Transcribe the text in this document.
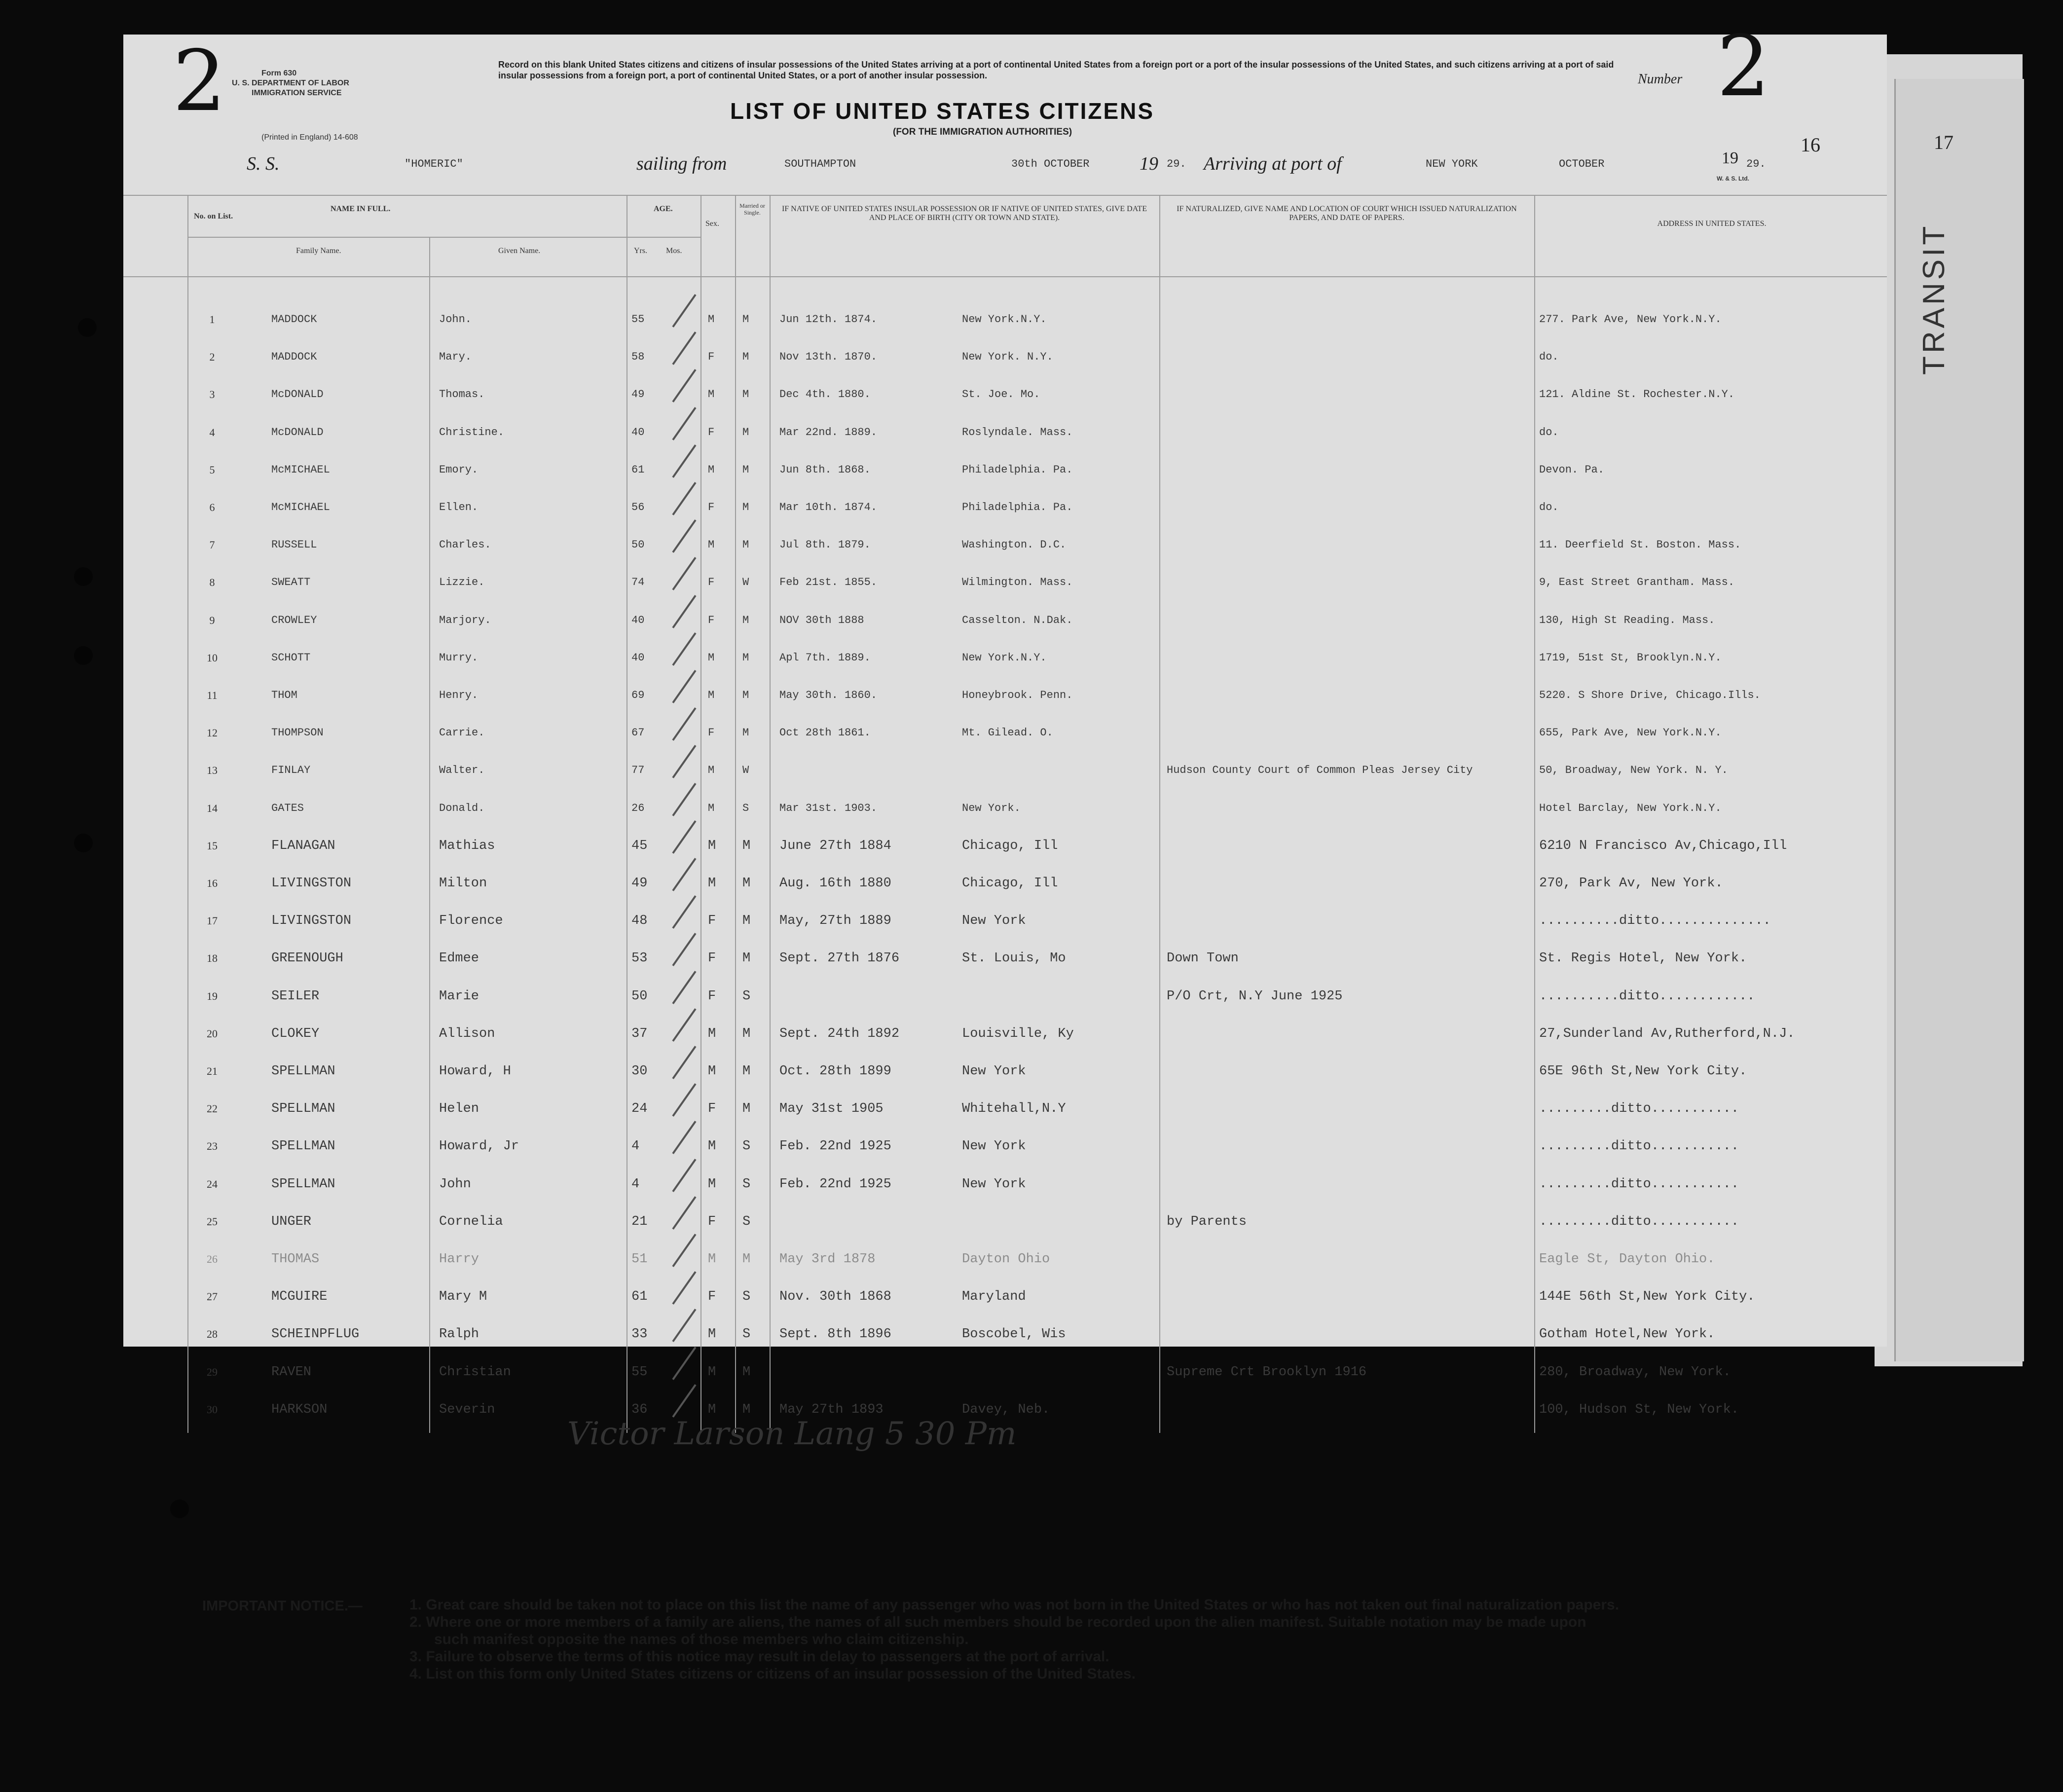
17
TRANSIT
2	Form 630
U. S. DEPARTMENT OF LABOR
IMMIGRATION SERVICE
(Printed in England) 14-608
Record on this blank United States citizens and citizens of insular possessions of the United States arriving at a port of continental United States from a foreign port or a port of the insular possessions of the United States, and such citizens arriving at a port of said insular possessions from a foreign port, a port of continental United States, or a port of another insular possession.
LIST OF UNITED STATES CITIZENS
(FOR THE IMMIGRATION AUTHORITIES)
Number 2
16
S. S.	"HOMERIC"	sailing from	SOUTHAMPTON	30th OCTOBER	19 29. Arriving at port of	NEW YORK	OCTOBER	19 29.
W. & S. Ltd.
No. on List.
NAME IN FULL.
Family Name.	Given Name.
AGE.
Yrs. Mos.
Sex.
Married or Single.	IF NATIVE OF UNITED STATES INSULAR POSSESSION OR IF NATIVE OF UNITED STATES, GIVE DATE AND PLACE OF BIRTH (CITY OR TOWN AND STATE).
IF NATURALIZED, GIVE NAME AND LOCATION OF COURT WHICH ISSUED NATURALIZATION PAPERS, AND DATE OF PAPERS.
ADDRESS IN UNITED STATES.
1	MADDOCK	John.	55	M	M	Jun 12th. 1874.	New York.N.Y.	277. Park Ave, New York.N.Y.
2	MADDOCK	Mary.	58	F	M	Nov 13th. 1870.	New York. N.Y.	do.
3	McDONALD	Thomas.	49	M	M	Dec 4th. 1880.	St. Joe. Mo.	121. Aldine St. Rochester.N.Y.
4	McDONALD	Christine.	40	F	M	Mar 22nd. 1889.	Roslyndale. Mass.	do.
5	McMICHAEL	Emory.	61	M	M	Jun 8th. 1868.	Philadelphia. Pa.	Devon. Pa.
6	McMICHAEL	Ellen.	56	F	M	Mar 10th. 1874.	Philadelphia. Pa.	do.
7	RUSSELL	Charles.	50	M	M	Jul 8th. 1879.	Washington. D.C.	11. Deerfield St. Boston. Mass.
8	SWEATT	Lizzie.	74	F	W	Feb 21st. 1855.	Wilmington. Mass.	9, East Street Grantham. Mass.
9	CROWLEY	Marjory.	40	F	M	NOV 30th 1888	Casselton. N.Dak.	130, High St Reading. Mass.
10	SCHOTT	Murry.	40	M	M	Apl 7th. 1889.	New York.N.Y.	1719, 51st St, Brooklyn.N.Y.
11	THOM	Henry.	69	M	M	May 30th. 1860.	Honeybrook. Penn.	5220. S Shore Drive, Chicago.Ills.
12	THOMPSON	Carrie.	67	F	M	Oct 28th 1861.	Mt. Gilead. O.	655, Park Ave, New York.N.Y.
13	FINLAY	Walter.	77	M	W	Hudson County Court of Common Pleas Jersey City	50, Broadway, New York. N. Y.
14	GATES	Donald.	26	M	S	Mar 31st. 1903.	New York.	Hotel Barclay, New York.N.Y.
15	FLANAGAN	Mathias	45	M	M	June 27th 1884	Chicago, Ill	6210 N Francisco Av,Chicago,Ill
16	LIVINGSTON	Milton	49	M	M	Aug. 16th 1880	Chicago, Ill	270, Park Av, New York.
17	LIVINGSTON	Florence	48	F	M	May, 27th 1889	New York	..........ditto..............
18	GREENOUGH	Edmee	53	F	M	Sept. 27th 1876	St. Louis, Mo	Down Town	St. Regis Hotel, New York.
19	SEILER	Marie	50	F	S	P/O Crt, N.Y June 1925	..........ditto............
20	CLOKEY	Allison	37	M	M	Sept. 24th 1892	Louisville, Ky	27,Sunderland Av,Rutherford,N.J.
21	SPELLMAN	Howard, H	30	M	M	Oct. 28th 1899	New York	65E 96th St,New York City.
22	SPELLMAN	Helen	24	F	M	May 31st 1905	Whitehall,N.Y	.........ditto...........
23	SPELLMAN	Howard, Jr	4	M	S	Feb. 22nd 1925	New York	.........ditto...........
24	SPELLMAN	John	4	M	S	Feb. 22nd 1925	New York	.........ditto...........
25	UNGER	Cornelia	21	F	S	by Parents	.........ditto...........
26	THOMAS	Harry	51	M	M	May 3rd 1878	Dayton Ohio	Eagle St, Dayton Ohio.
27	MCGUIRE	Mary M	61	F	S	Nov. 30th 1868	Maryland	144E 56th St,New York City.
28	SCHEINPFLUG	Ralph	33	M	S	Sept. 8th 1896	Boscobel, Wis	Gotham Hotel,New York.
29	RAVEN	Christian	55	M	M	Supreme Crt Brooklyn 1916	280, Broadway, New York.
30	HARKSON	Severin	36	M	M	May 27th 1893	Davey, Neb.	100, Hudson St, New York.
Victor Larson Lang 5 30 Pm
IMPORTANT NOTICE.—	1. Great care should be taken not to place on this list the name of any passenger who was not born in the United States or who has not taken out final naturalization papers.
2. Where one or more members of a family are aliens, the names of all such members should be recorded upon the alien manifest. Suitable notation may be made upon
such manifest opposite the names of those members who claim citizenship.
3. Failure to observe the terms of this notice may result in delay to passengers at the port of arrival.
4. List on this form only United States citizens or citizens of an insular possession of the United States.
